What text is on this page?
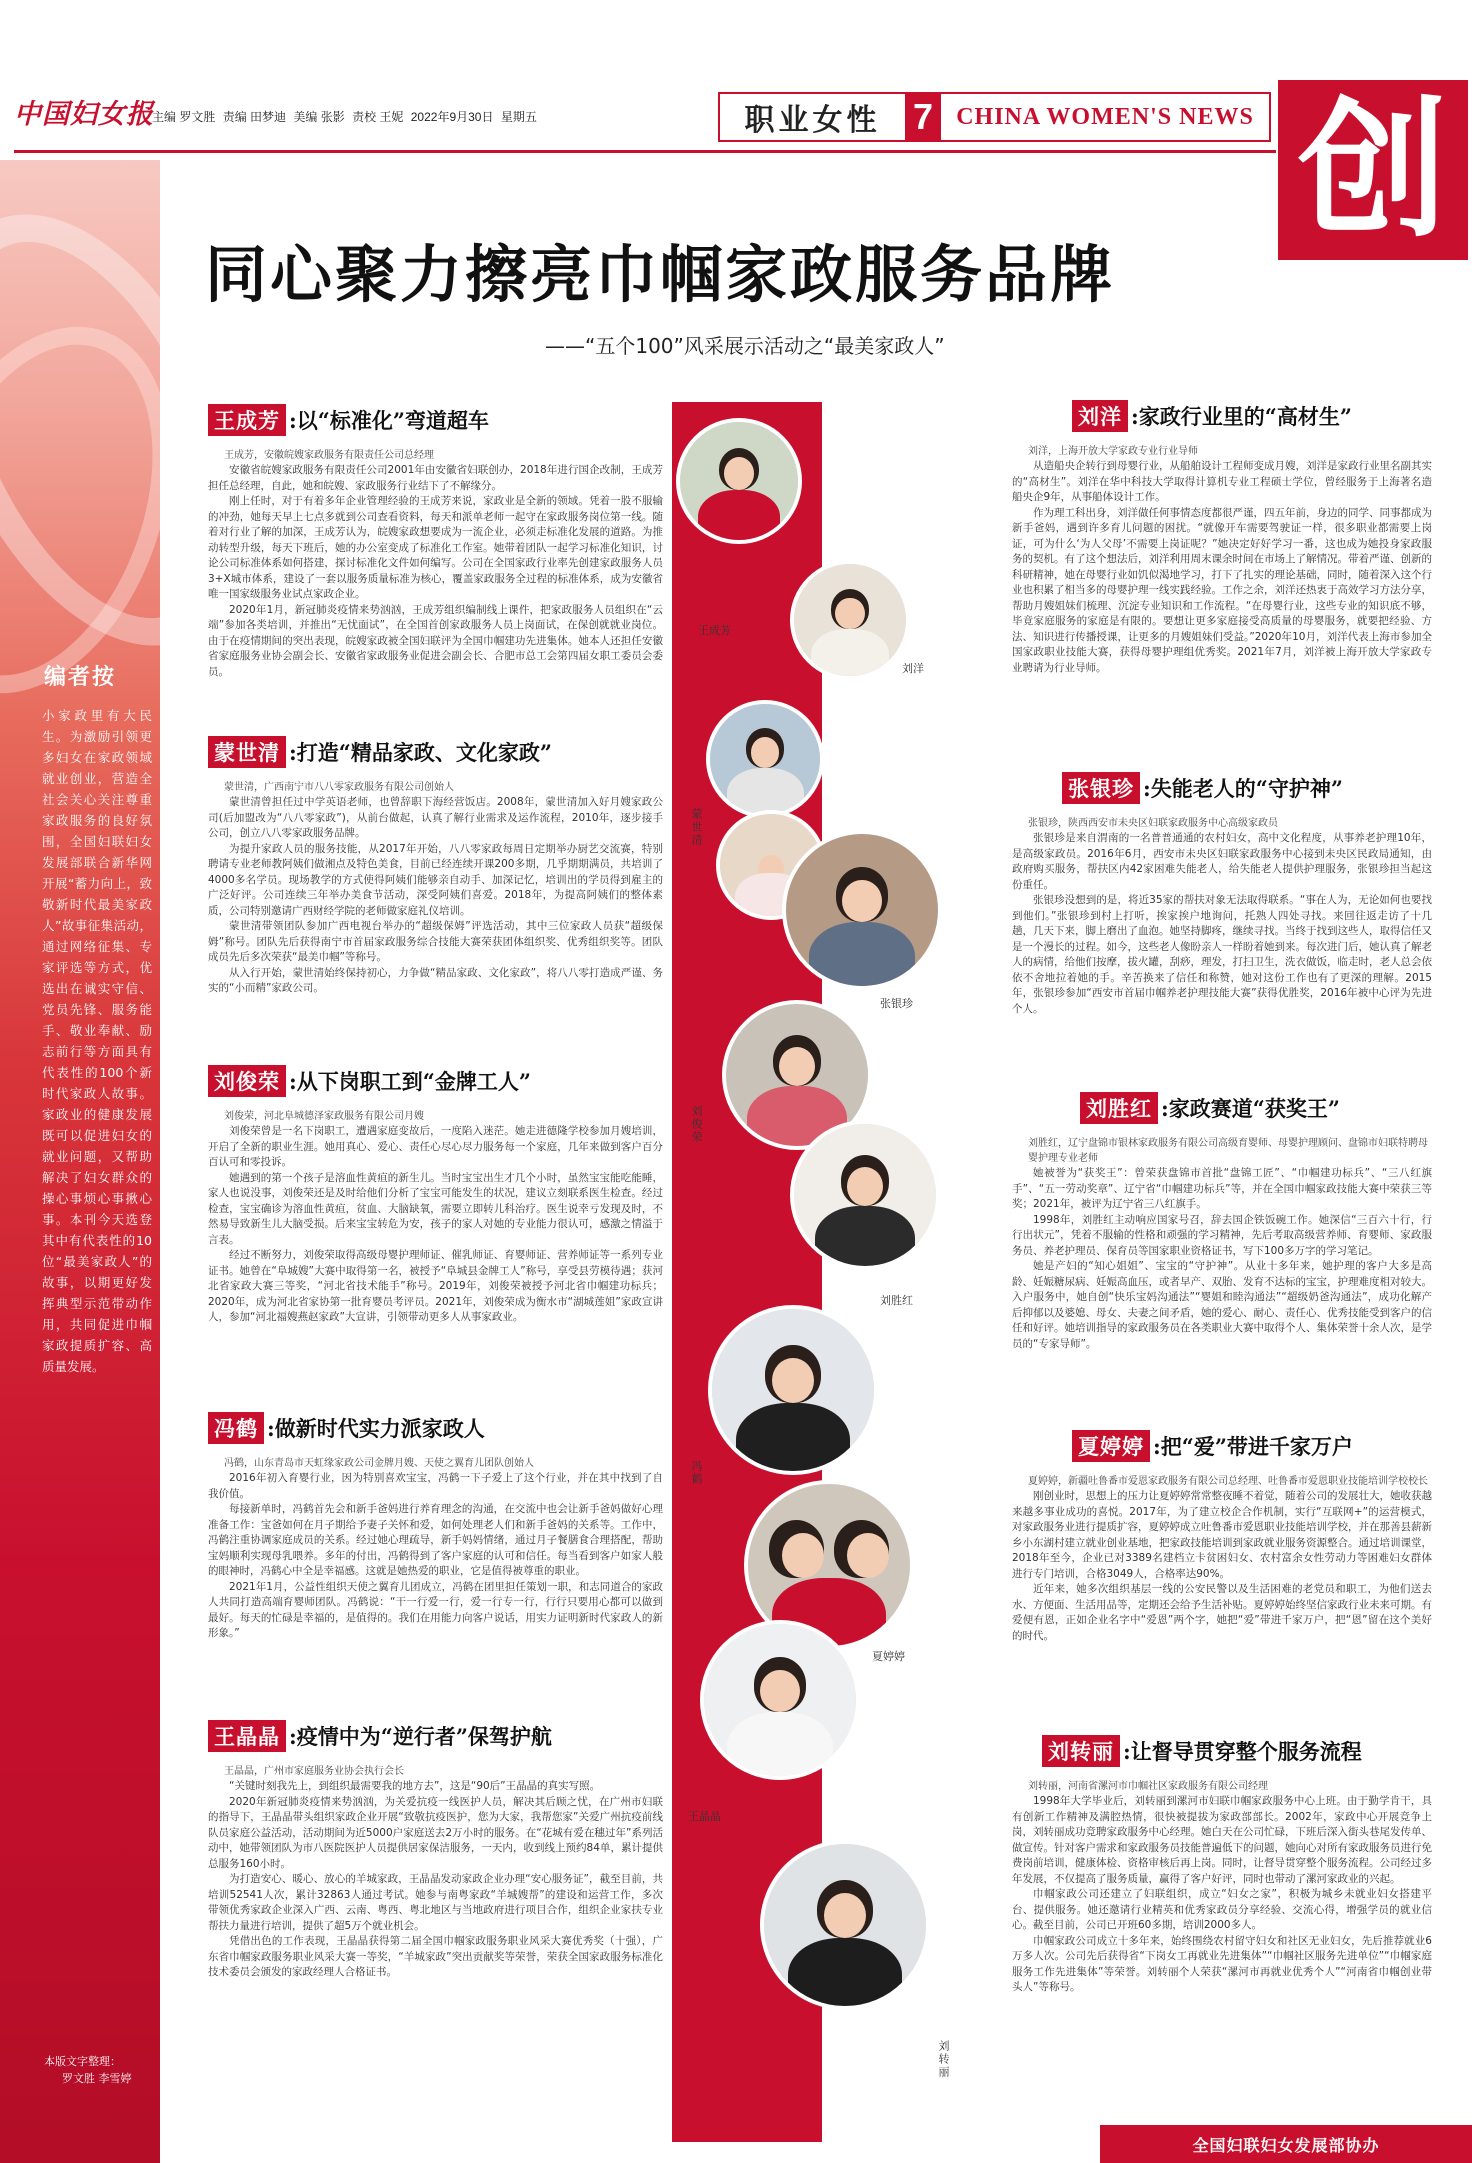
中国妇女报
主编 罗文胜 责编 田梦迪 美编 张影 责校 王妮 2022年9月30日 星期五	职业女性 7 CHINA WOMEN'S NEWS 创
编者按
小家政里有大民生。为激励引领更多妇女在家政领域就业创业，营造全社会关心关注尊重家政服务的良好氛围，全国妇联妇女发展部联合新华网开展“蓄力向上，致敬新时代最美家政人”故事征集活动，通过网络征集、专家评选等方式，优选出在诚实守信、党员先锋、服务能手、敬业奉献、励志前行等方面具有代表性的100个新时代家政人故事。家政业的健康发展既可以促进妇女的就业问题，又帮助解决了妇女群众的操心事烦心事揪心事。本刊今天选登其中有代表性的10位“最美家政人”的故事，以期更好发挥典型示范带动作用，共同促进巾帼家政提质扩容、高质量发展。
本版文字整理：
罗文胜 李雪婷
同心聚力擦亮巾帼家政服务品牌
——“五个100”风采展示活动之“最美家政人”
王成芳
刘洋
蒙世清
张银珍
刘俊荣
刘胜红
冯鹤
夏婷婷
王晶晶
刘转丽
王成芳 : 以“标准化”弯道超车
王成芳，安徽皖嫂家政服务有限责任公司总经理

安徽省皖嫂家政服务有限责任公司2001年由安徽省妇联创办，2018年进行国企改制，王成芳担任总经理，自此，她和皖嫂、家政服务行业结下了不解缘分。

刚上任时，对于有着多年企业管理经验的王成芳来说，家政业是全新的领域。凭着一股不服输的冲劲，她每天早上七点多就到公司查看资料，每天和派单老师一起守在家政服务岗位第一线。随着对行业了解的加深，王成芳认为，皖嫂家政想要成为一流企业，必须走标准化发展的道路。为推动转型升级，每天下班后，她的办公室变成了标准化工作室。她带着团队一起学习标准化知识，讨论公司标准体系如何搭建，探讨标准化文件如何编写。公司在全国家政行业率先创建家政服务人员3+X城市体系，建设了一套以服务质量标准为核心，覆盖家政服务全过程的标准体系，成为安徽省唯一国家级服务业试点家政企业。

2020年1月，新冠肺炎疫情来势汹汹，王成芳组织编制线上课件，把家政服务人员组织在“云端”参加各类培训，并推出“无忧面试”，在全国首创家政服务人员上岗面试，在保创就就业岗位。由于在疫情期间的突出表现，皖嫂家政被全国妇联评为全国巾帼建功先进集体。她本人还担任安徽省家庭服务业协会副会长、安徽省家政服务业促进会副会长、合肥市总工会第四届女职工委员会委员。

蒙世清 : 打造“精品家政、文化家政”
蒙世清，广西南宁市八八零家政服务有限公司创始人

蒙世清曾担任过中学英语老师，也曾辞职下海经营饭店。2008年，蒙世清加入好月嫂家政公司(后加盟改为“八八零家政”)，从前台做起，认真了解行业需求及运作流程，2010年，逐步接手公司，创立八八零家政服务品牌。

为提升家政人员的服务技能，从2017年开始，八八零家政每周日定期举办厨艺交流赛，特别聘请专业老师教阿姨们做湘点及特色美食，目前已经连续开课200多期，几乎期期满员，共培训了4000多名学员。现场教学的方式使得阿姨们能够亲自动手、加深记忆，培训出的学员得到雇主的广泛好评。公司连续三年举办美食节活动，深受阿姨们喜爱。2018年，为提高阿姨们的整体素质，公司特别邀请广西财经学院的老师做家庭礼仪培训。

蒙世清带领团队参加广西电视台举办的“超级保姆”评选活动，其中三位家政人员获“超级保姆”称号。团队先后获得南宁市首届家政服务综合技能大赛荣获团体组织奖、优秀组织奖等。团队成员先后多次荣获“最美巾帼”等称号。

从入行开始，蒙世清始终保持初心，力争做“精品家政、文化家政”，将八八零打造成严谨、务实的“小而精”家政公司。

刘俊荣 : 从下岗职工到“金牌工人”
刘俊荣，河北阜城德泽家政服务有限公司月嫂

刘俊荣曾是一名下岗职工，遭遇家庭变故后，一度陷入迷茫。她走进德隆学校参加月嫂培训，开启了全新的职业生涯。她用真心、爱心、责任心尽心尽力服务每一个家庭，几年来做到客户百分百认可和零投诉。

她遇到的第一个孩子是溶血性黄疸的新生儿。当时宝宝出生才几个小时，虽然宝宝能吃能睡，家人也说没事，刘俊荣还是及时给他们分析了宝宝可能发生的状况，建议立刻联系医生检查。经过检查，宝宝确诊为溶血性黄疸，贫血、大脑缺氧，需要立即转儿科治疗。医生说幸亏发现及时，不然易导致新生儿大脑受损。后来宝宝转危为安，孩子的家人对她的专业能力很认可，感激之情溢于言表。

经过不断努力，刘俊荣取得高级母婴护理师证、催乳师证、育婴师证、营养师证等一系列专业证书。她曾在“阜城嫂”大赛中取得第一名，被授予“阜城县金牌工人”称号，享受县劳模待遇；获河北省家政大赛三等奖，“河北省技术能手”称号。2019年，刘俊荣被授予河北省巾帼建功标兵；2020年，成为河北省家协第一批育婴员考评员。2021年，刘俊荣成为衡水市“湖城莲姐”家政宣讲人，参加“河北福嫂燕赵家政”大宣讲，引领带动更多人从事家政业。

冯鹤 : 做新时代实力派家政人
冯鹤，山东青岛市天虹缘家政公司金牌月嫂、天使之翼育儿团队创始人

2016年初入育婴行业，因为特别喜欢宝宝，冯鹤一下子爱上了这个行业，并在其中找到了自我价值。

每接新单时，冯鹤首先会和新手爸妈进行养育理念的沟通，在交流中也会让新手爸妈做好心理准备工作：宝爸如何在月子期给予妻子关怀和爱，如何处理老人们和新手爸妈的关系等。工作中，冯鹤注重协调家庭成员的关系。经过她心理疏导，新手妈妈情绪，通过月子餐膳食合理搭配，帮助宝妈顺利实现母乳喂养。多年的付出，冯鹤得到了客户家庭的认可和信任。每当看到客户如家人般的眼神时，冯鹤心中全是幸福感。这就是她热爱的职业，它是值得被尊重的职业。

2021年1月，公益性组织天使之翼育儿团成立，冯鹤在团里担任策划一职，和志同道合的家政人共同打造高端育婴师团队。冯鹤说：“干一行爱一行，爱一行专一行，行行只要用心都可以做到最好。每天的忙碌是幸福的，是值得的。我们在用能力向客户说话，用实力证明新时代家政人的新形象。”

王晶晶 : 疫情中为“逆行者”保驾护航
王晶晶，广州市家庭服务业协会执行会长

“关键时刻我先上，到组织最需要我的地方去”，这是“90后”王晶晶的真实写照。

2020年新冠肺炎疫情来势汹汹，为关爱抗疫一线医护人员，解决其后顾之忧，在广州市妇联的指导下，王晶晶带头组织家政企业开展“致敬抗疫医护，您为大家，我帮您家”关爱广州抗疫前线队员家庭公益活动，活动期间为近5000户家庭送去2万小时的服务。在“花城有爱在穗过年”系列活动中，她带领团队为市八医院医护人员提供居家保洁服务，一天内，收到线上预约84单，累计提供总服务160小时。

为打造安心、暖心、放心的羊城家政，王晶晶发动家政企业办理“安心服务证”，截至目前，共培训52541人次，累计32863人通过考试。她参与南粤家政“羊城嫂帮”的建设和运营工作，多次带领优秀家政企业深入广西、云南、粤西、粤北地区与当地政府进行项目合作，组织企业家扶专业帮扶力量进行培训，提供了超5万个就业机会。

凭借出色的工作表现，王晶晶获得第二届全国巾帼家政服务职业风采大赛优秀奖（十强），广东省巾帼家政服务职业风采大赛一等奖，“羊城家政”突出贡献奖等荣誉，荣获全国家政服务标准化技术委员会颁发的家政经理人合格证书。

刘洋 : 家政行业里的“高材生”
刘洋，上海开放大学家政专业行业导师

从造船央企转行到母婴行业，从船舶设计工程师变成月嫂，刘洋是家政行业里名副其实的“高材生”。刘洋在华中科技大学取得计算机专业工程硕士学位，曾经服务于上海著名造船央企9年，从事船体设计工作。

作为理工科出身，刘洋做任何事情态度都很严谨，四五年前，身边的同学、同事都成为新手爸妈，遇到许多育儿问题的困扰。“就像开车需要驾驶证一样，很多职业都需要上岗证，可为什么‘为人父母’不需要上岗证呢？”她决定好好学习一番，这也成为她投身家政服务的契机。有了这个想法后，刘洋利用周末课余时间在市场上了解情况。带着严谨、创新的科研精神，她在母婴行业如饥似渴地学习，打下了扎实的理论基础，同时，随着深入这个行业也积累了相当多的母婴护理一线实践经验。工作之余，刘洋还热衷于高效学习方法分享，帮助月嫂姐妹们梳理、沉淀专业知识和工作流程。“在母婴行业，这些专业的知识底不够，毕竟家庭服务的家庭是有限的。要想让更多家庭接受高质量的母婴服务，就要把经验、方法、知识进行传播授课，让更多的月嫂姐妹们受益。”2020年10月，刘洋代表上海市参加全国家政职业技能大赛，获得母婴护理组优秀奖。2021年7月，刘洋被上海开放大学家政专业聘请为行业导师。

张银珍 : 失能老人的“守护神”
张银珍，陕西西安市未央区妇联家政服务中心高级家政员

张银珍是来自渭南的一名普普通通的农村妇女，高中文化程度，从事养老护理10年，是高级家政员。2016年6月，西安市未央区妇联家政服务中心接到未央区民政局通知，由政府购买服务，帮扶区内42家困难失能老人，给失能老人提供护理服务，张银珍担当起这份重任。

张银珍没想到的是，将近35家的帮扶对象无法取得联系。“事在人为，无论如何也要找到他们。”张银珍到村上打听，挨家挨户地询问，托熟人四处寻找。来回往返走访了十几趟，几天下来，脚上磨出了血泡。她坚持脚疼，继续寻找。当终于找到这些人，取得信任又是一个漫长的过程。如今，这些老人像盼亲人一样盼着她到来。每次进门后，她认真了解老人的病情，给他们按摩，拔火罐，刮痧，理发，打扫卫生，洗衣做饭，临走时，老人总会依依不舍地拉着她的手。辛苦换来了信任和称赞，她对这份工作也有了更深的理解。2015年，张银珍参加“西安市首届巾帼养老护理技能大赛”获得优胜奖，2016年被中心评为先进个人。

刘胜红 : 家政赛道“获奖王”
刘胜红，辽宁盘锦市银林家政服务有限公司高级育婴师、母婴护理顾问、盘锦市妇联特聘母婴护理专业老师

她被誉为“获奖王”：曾荣获盘锦市首批“盘锦工匠”、“巾帼建功标兵”、“三八红旗手”、“五一劳动奖章”、辽宁省“巾帼建功标兵”等，并在全国巾帼家政技能大赛中荣获三等奖；2021年，被评为辽宁省三八红旗手。

1998年，刘胜红主动响应国家号召，辞去国企铁饭碗工作。她深信“三百六十行，行行出状元”，凭着不服输的性格和顽强的学习精神，先后考取高级营养师、育婴师、家政服务员、养老护理员、保育员等国家职业资格证书，写下100多万字的学习笔记。

她是产妇的“知心姐姐”、宝宝的“守护神”。从业十多年来，她护理的客户大多是高龄、妊娠糖尿病、妊娠高血压，或者早产、双胎、发育不达标的宝宝，护理难度相对较大。入户服务中，她自创“快乐宝妈沟通法”“婴姐和睦沟通法”“超级奶爸沟通法”，成功化解产后抑郁以及婆媳、母女、夫妻之间矛盾，她的爱心、耐心、责任心、优秀技能受到客户的信任和好评。她培训指导的家政服务员在各类职业大赛中取得个人、集体荣誉十余人次，是学员的“专家导师”。

夏婷婷 : 把“爱”带进千家万户
夏婷婷，新疆吐鲁番市爱恩家政服务有限公司总经理、吐鲁番市爱恩职业技能培训学校校长

刚创业时，思想上的压力让夏婷婷常常整夜睡不着觉，随着公司的发展壮大，她收获越来越多事业成功的喜悦。2017年，为了建立校企合作机制，实行“互联网+”的运营模式，对家政服务业进行提质扩容，夏婷婷成立吐鲁番市爱恩职业技能培训学校，并在那善县薪新乡小东湖村建立就业创业基地，把家政技能培训到家政就业服务资源整合。通过培训课堂，2018年至今，企业已对3389名建档立卡贫困妇女、农村富余女性劳动力等困难妇女群体进行专门培训，合格3049人，合格率达90%。

近年来，她多次组织基层一线的公安民警以及生活困难的老党员和职工，为他们送去水、方便面、生活用品等，定期还会给予生活补贴。夏婷婷始终坚信家政行业未来可期。有爱便有恩，正如企业名字中“爱恩”两个字，她把“爱”带进千家万户，把“恩”留在这个美好的时代。

刘转丽 : 让督导贯穿整个服务流程
刘转丽，河南省漯河市巾帼社区家政服务有限公司经理

1998年大学毕业后，刘转丽到漯河市妇联巾帼家政服务中心上班。由于勤学肯干，具有创新工作精神及满腔热情，很快被提拔为家政部部长。2002年，家政中心开展竞争上岗，刘转丽成功竞聘家政服务中心经理。她白天在公司忙碌，下班后深入街头巷尾发传单、做宣传。针对客户需求和家政服务员技能普遍低下的问题，她向心对所有家政服务员进行免费岗前培训，健康体检、资格审核后再上岗。同时，让督导贯穿整个服务流程。公司经过多年发展，不仅提高了服务质量，赢得了客户好评，同时也带动了漯河家政业的兴起。

巾帼家政公司还建立了妇联组织，成立“妇女之家”，积极为城乡未就业妇女搭建平台、提供服务。她还邀请行业精英和优秀家政员分享经验、交流心得，增强学员的就业信心。截至目前，公司已开班60多期，培训2000多人。

巾帼家政公司成立十多年来，始终围绕农村留守妇女和社区无业妇女，先后推荐就业6万多人次。公司先后获得省“下岗女工再就业先进集体”“巾帼社区服务先进单位”“巾帼家庭服务工作先进集体”等荣誉。刘转丽个人荣获“漯河市再就业优秀个人”“河南省巾帼创业带头人”等称号。

全国妇联妇女发展部协办
